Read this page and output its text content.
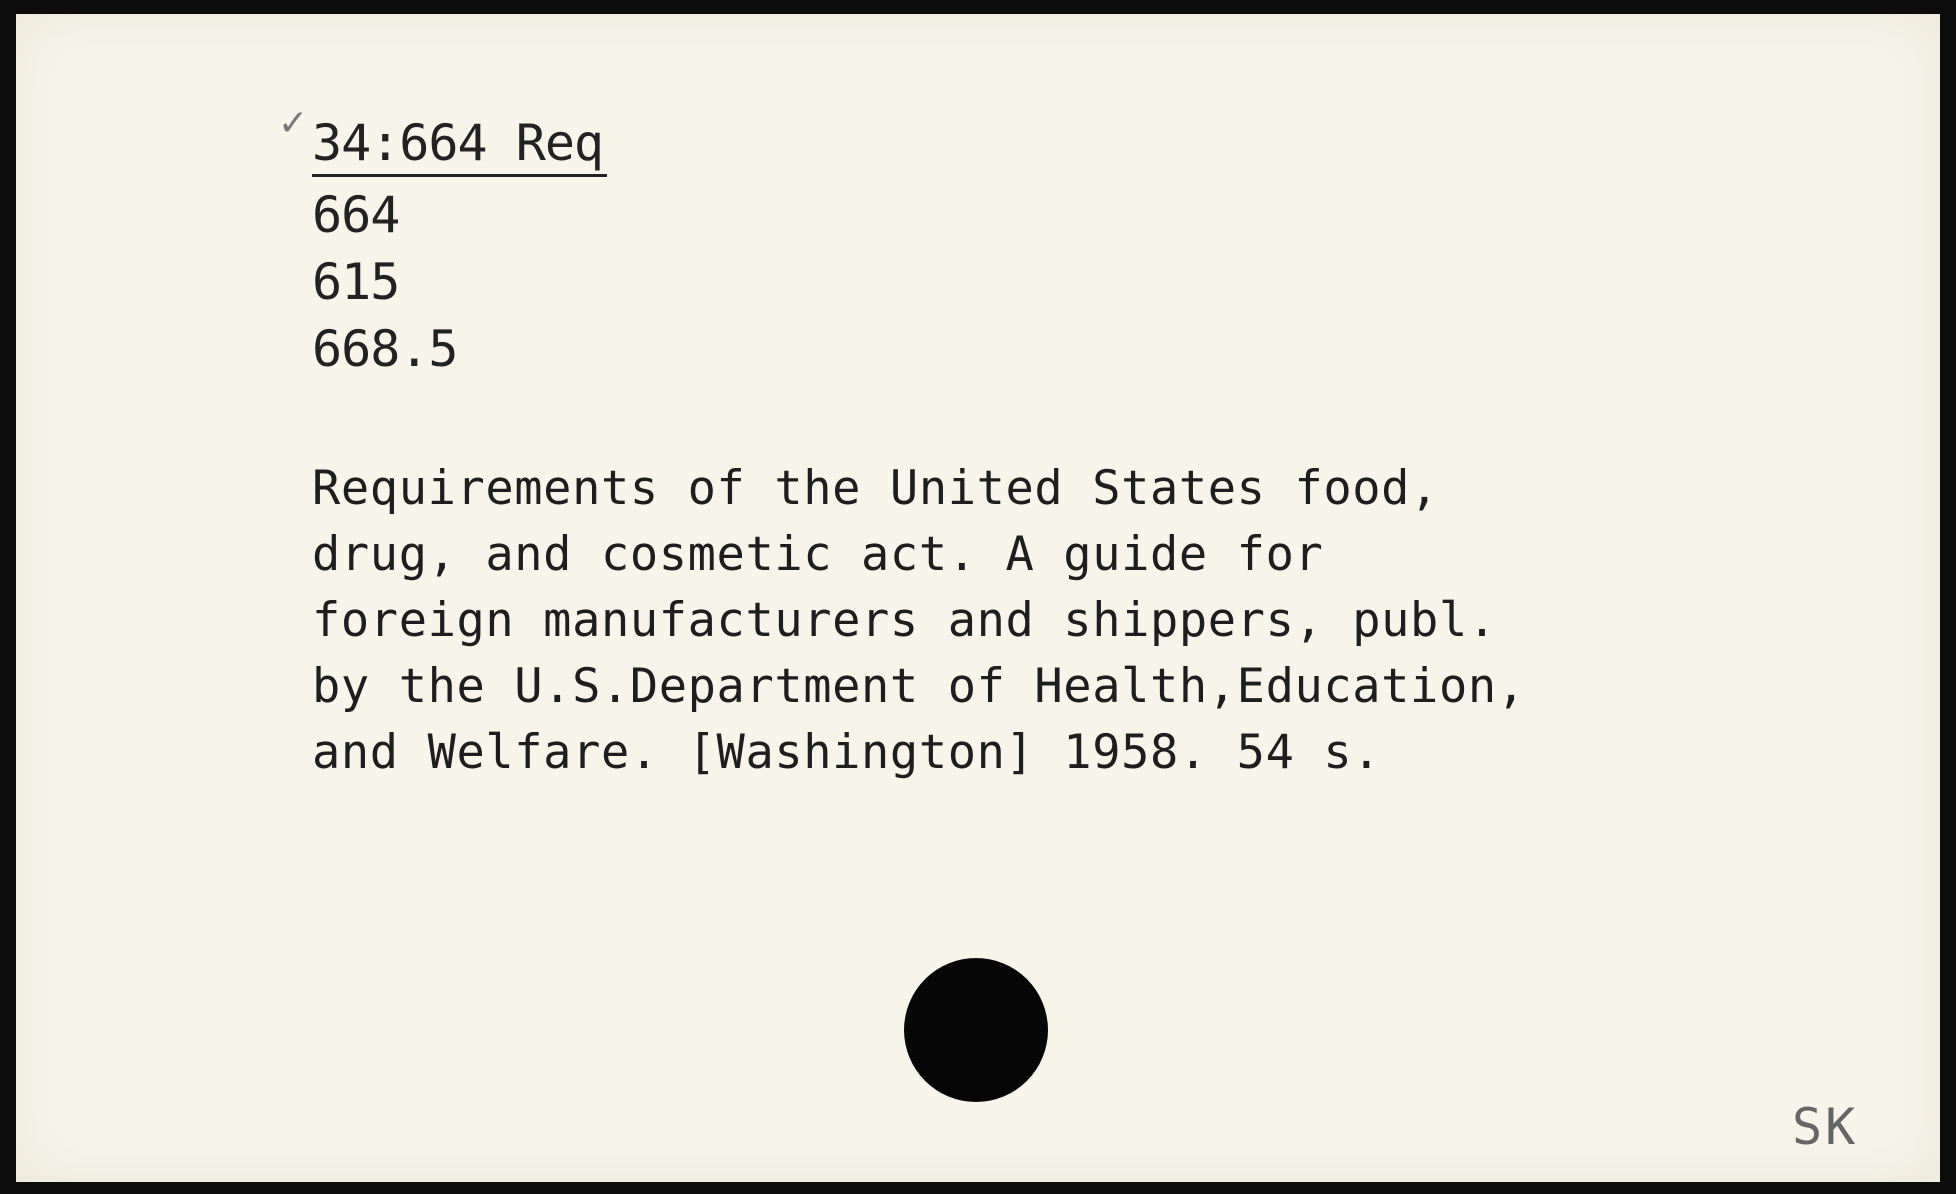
✓ 34:664 Req
664
615
668.5
Requirements of the United States food,
drug, and cosmetic act. A guide for
foreign manufacturers and shippers, publ.
by the U.S.Department of Health,Education,
and Welfare. [Washington] 1958. 54 s.
SK
